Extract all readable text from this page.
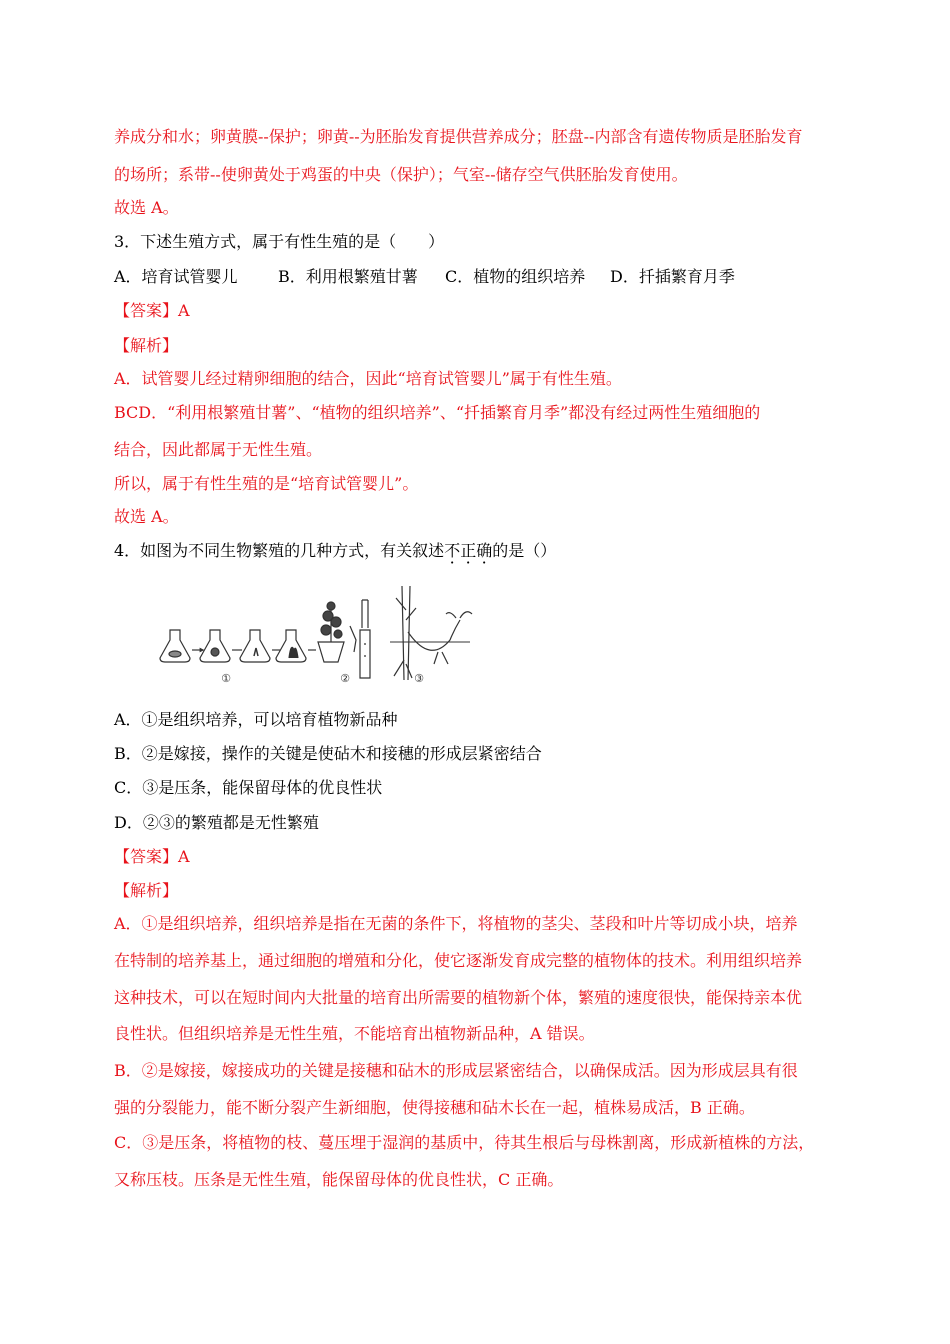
养成分和水；卵黄膜--保护；卵黄--为胚胎发育提供营养成分；胚盘--内部含有遗传物质是胚胎发育
的场所；系带--使卵黄处于鸡蛋的中央（保护）；气室--储存空气供胚胎发育使用。
故选 A。
3．下述生殖方式，属于有性生殖的是（　　）
A．培育试管婴儿	B．利用根繁殖甘薯 C．植物的组织培养 D．扦插繁育月季
【答案】A
【解析】
A．试管婴儿经过精卵细胞的结合，因此“培育试管婴儿”属于有性生殖。
BCD．“利用根繁殖甘薯”、“植物的组织培养”、“扦插繁育月季”都没有经过两性生殖细胞的
结合，因此都属于无性生殖。
所以，属于有性生殖的是“培育试管婴儿”。
故选 A。
4．如图为不同生物繁殖的几种方式，有关叙述不正确的是（）
①	②	③
A．①是组织培养，可以培育植物新品种
B．②是嫁接，操作的关键是使砧木和接穗的形成层紧密结合
C．③是压条，能保留母体的优良性状
D．②③的繁殖都是无性繁殖
【答案】A
【解析】
A．①是组织培养，组织培养是指在无菌的条件下，将植物的茎尖、茎段和叶片等切成小块，培养
在特制的培养基上，通过细胞的增殖和分化，使它逐渐发育成完整的植物体的技术。利用组织培养
这种技术，可以在短时间内大批量的培育出所需要的植物新个体，繁殖的速度很快，能保持亲本优
良性状。但组织培养是无性生殖，不能培育出植物新品种，A 错误。
B．②是嫁接，嫁接成功的关键是接穗和砧木的形成层紧密结合，以确保成活。因为形成层具有很
强的分裂能力，能不断分裂产生新细胞，使得接穗和砧木长在一起，植株易成活，B 正确。
C．③是压条，将植物的枝、蔓压埋于湿润的基质中，待其生根后与母株割离，形成新植株的方法，
又称压枝。压条是无性生殖，能保留母体的优良性状，C 正确。
